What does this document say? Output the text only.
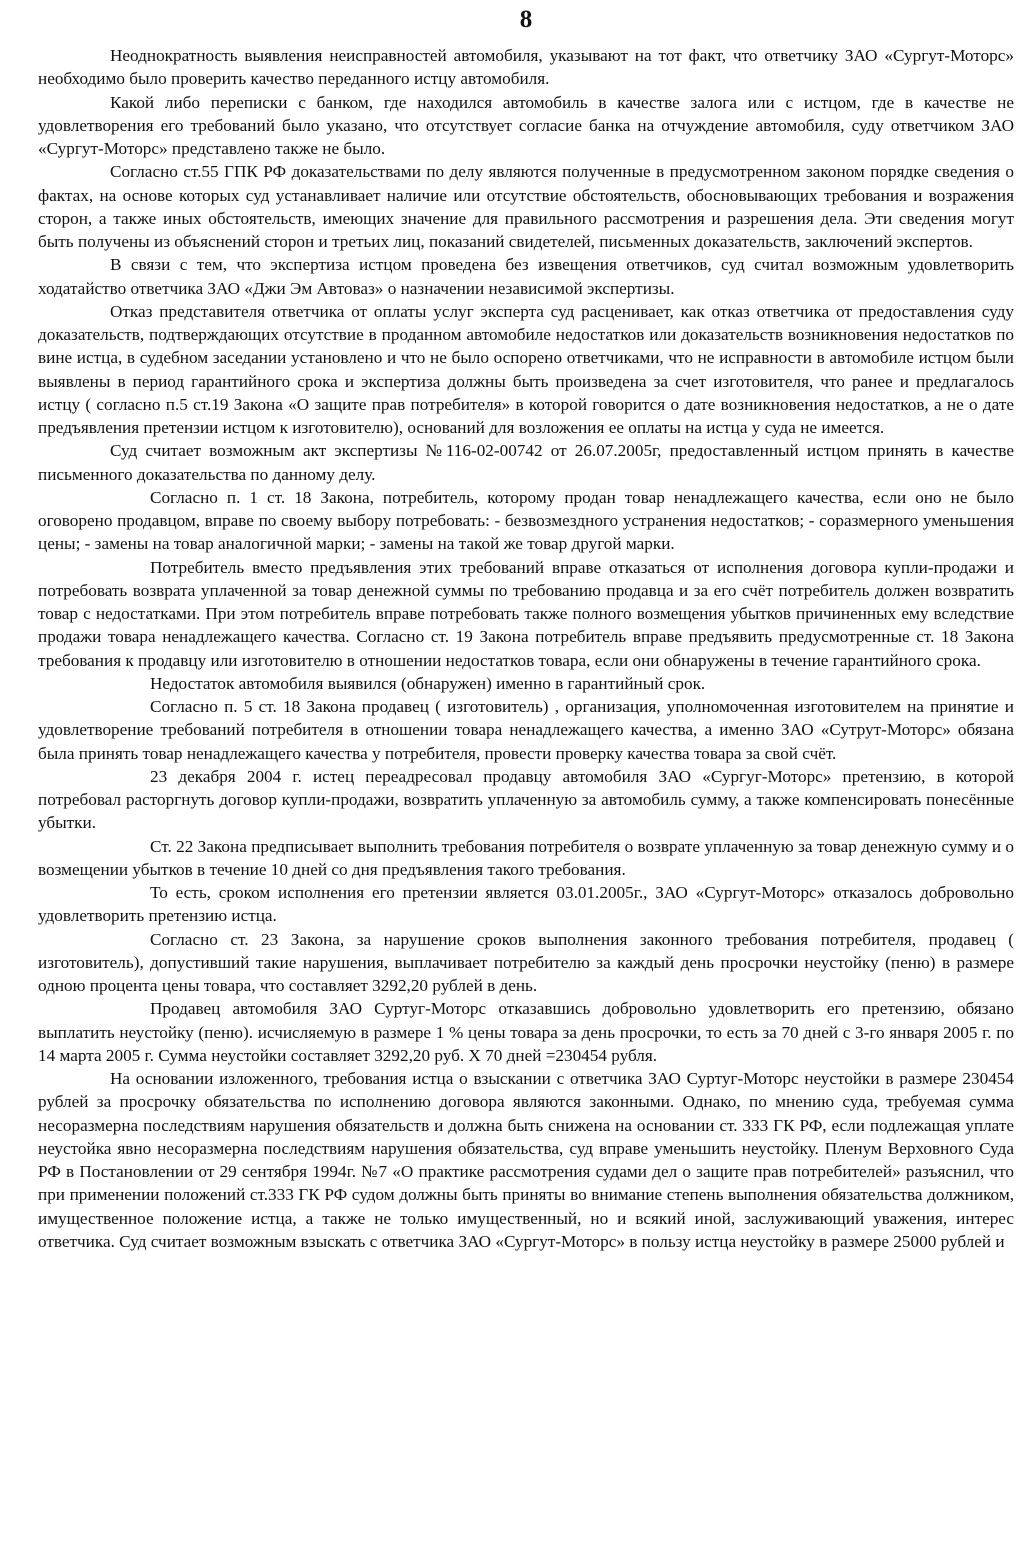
8

Неоднократность выявления неисправностей автомобиля, указывают на тот факт, что ответчику ЗАО «Сургут-Моторс» необходимо было проверить качество переданного истцу автомобиля.

Какой либо переписки с банком, где находился автомобиль в качестве залога или с истцом, где в качестве не удовлетворения его требований было указано, что отсутствует согласие банка на отчуждение автомобиля, суду ответчиком ЗАО «Сургут-Моторс» представлено также не было.

Согласно ст.55 ГПК РФ доказательствами по делу являются полученные в предусмотренном законом порядке сведения о фактах, на основе которых суд устанавливает наличие или отсутствие обстоятельств, обосновывающих требования и возражения сторон, а также иных обстоятельств, имеющих значение для правильного рассмотрения и разрешения дела. Эти сведения могут быть получены из объяснений сторон и третьих лиц, показаний свидетелей, письменных доказательств, заключений экспертов.

В связи с тем, что экспертиза истцом проведена без извещения ответчиков, суд считал возможным удовлетворить ходатайство ответчика ЗАО «Джи Эм Автоваз» о назначении независимой экспертизы.

Отказ представителя ответчика от оплаты услуг эксперта суд расценивает, как отказ ответчика от предоставления суду доказательств, подтверждающих отсутствие в проданном автомобиле недостатков или доказательств возникновения недостатков по вине истца, в судебном заседании установлено и что не было оспорено ответчиками, что не исправности в автомобиле истцом были выявлены в период гарантийного срока и экспертиза должны быть произведена за счет изготовителя, что ранее и предлагалось истцу ( согласно п.5 ст.19 Закона «О защите прав потребителя» в которой говорится о дате возникновения недостатков, а не о дате предъявления претензии истцом к изготовителю), оснований для возложения ее оплаты на истца у суда не имеется.

Суд считает возможным акт экспертизы №116-02-00742 от 26.07.2005г, предоставленный истцом принять в качестве письменного доказательства по данному делу.

Согласно п. 1 ст. 18 Закона, потребитель, которому продан товар ненадлежащего качества, если оно не было оговорено продавцом, вправе по своему выбору потребовать: - безвозмездного устранения недостатков; - соразмерного уменьшения цены; - замены на товар аналогичной марки; - замены на такой же товар другой марки.

Потребитель вместо предъявления этих требований вправе отказаться от исполнения договора купли-продажи и потребовать возврата уплаченной за товар денежной суммы по требованию продавца и за его счёт потребитель должен возвратить товар с недостатками. При этом потребитель вправе потребовать также полного возмещения убытков причиненных ему вследствие продажи товара ненадлежащего качества. Согласно ст. 19 Закона потребитель вправе предъявить предусмотренные ст. 18 Закона требования к продавцу или изготовителю в отношении недостатков товара, если они обнаружены в течение гарантийного срока.

Недостаток автомобиля выявился (обнаружен) именно в гарантийный срок.

Согласно п. 5 ст. 18 Закона продавец ( изготовитель) , организация, уполномоченная изготовителем на принятие и удовлетворение требований потребителя в отношении товара ненадлежащего качества, а именно ЗАО «Сутрут-Моторс» обязана была принять товар ненадлежащего качества у потребителя, провести проверку качества товара за свой счёт.

23 декабря 2004 г. истец переадресовал продавцу автомобиля ЗАО «Сургуг-Моторс» претензию, в которой потребовал расторгнуть договор купли-продажи, возвратить уплаченную за автомобиль сумму, а также компенсировать понесённые убытки.

Ст. 22 Закона предписывает выполнить требования потребителя о возврате уплаченную за товар денежную сумму и о возмещении убытков в течение 10 дней со дня предъявления такого требования.

То есть, сроком исполнения его претензии является 03.01.2005г., ЗАО «Сургут-Моторс» отказалось добровольно удовлетворить претензию истца.

Согласно ст. 23 Закона, за нарушение сроков выполнения законного требования потребителя, продавец ( изготовитель), допустивший такие нарушения, выплачивает потребителю за каждый день просрочки неустойку (пеню) в размере одною процента цены товара, что составляет 3292,20 рублей в день.

Продавец автомобиля ЗАО Суртуг-Моторс отказавшись добровольно удовлетворить его претензию, обязано выплатить неустойку (пеню). исчисляемую в размере 1 % цены товара за день просрочки, то есть за 70 дней с 3-го января 2005 г. по 14 марта 2005 г. Сумма неустойки составляет 3292,20 руб. Х 70 дней =230454 рубля.

На основании изложенного, требования истца о взыскании с ответчика ЗАО Суртуг-Моторс неустойки в размере 230454 рублей за просрочку обязательства по исполнению договора являются законными. Однако, по мнению суда, требуемая сумма несоразмерна последствиям нарушения обязательств и должна быть снижена на основании ст. 333 ГК РФ, если подлежащая уплате неустойка явно несоразмерна последствиям нарушения обязательства, суд вправе уменьшить неустойку. Пленум Верховного Суда РФ в Постановлении от 29 сентября 1994г. №7 «О практике рассмотрения судами дел о защите прав потребителей» разъяснил, что при применении положений ст.333 ГК РФ судом должны быть приняты во внимание степень выполнения обязательства должником, имущественное положение истца, а также не только имущественный, но и всякий иной, заслуживающий уважения, интерес ответчика. Суд считает возможным взыскать с ответчика ЗАО «Сургут-Моторс» в пользу истца неустойку в размере 25000 рублей и
